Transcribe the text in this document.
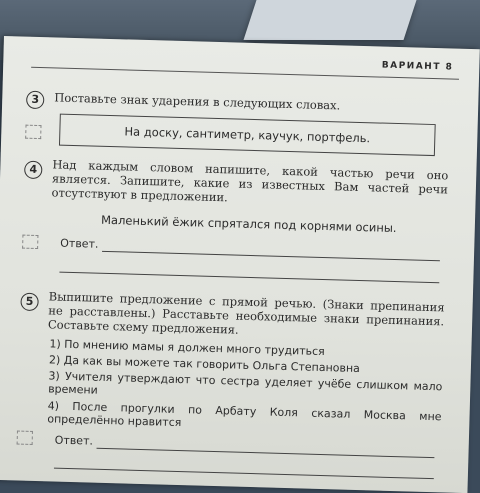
ВАРИАНТ 8
3	Поставьте знак ударения в следующих словах.
На доску, сантиметр, каучук, портфель.
4	Над каждым словом напишите, какой частью речи оно является. Запишите, какие из известных Вам частей речи отсутствуют в предложении.
Маленький ёжик спрятался под корнями осины.
Ответ.
5	Выпишите предложение с прямой речью. (Знаки препинания не расставлены.) Расставьте необходимые знаки препинания. Составьте схему предложения.
1) По мнению мамы я должен много трудиться
2) Да как вы можете так говорить Ольга Степановна
3) Учителя утверждают что сестра уделяет учёбе слишком мало времени
4) После прогулки по Арбату Коля сказал Москва мне определённо нравится
Ответ.
